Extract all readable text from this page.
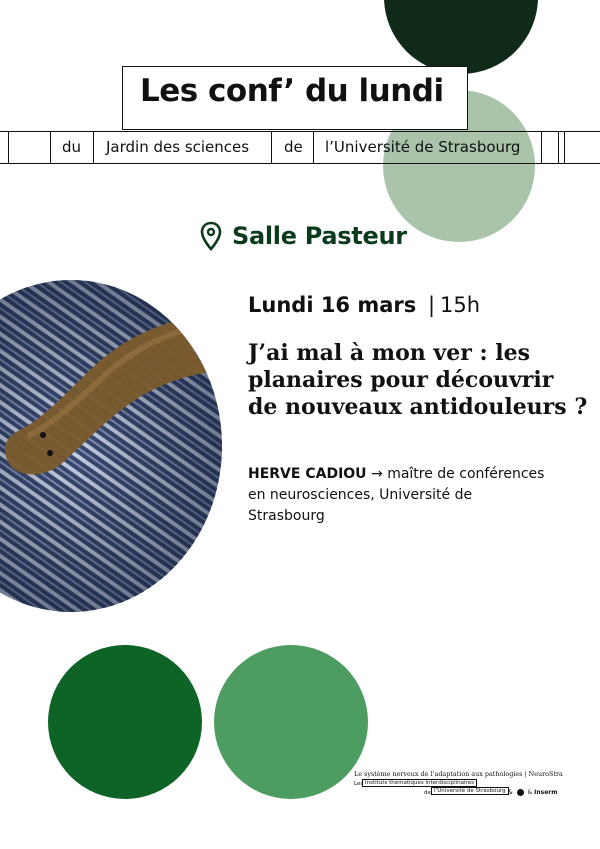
Les conf’ du lundi
du Jardin des sciences de l’Université de Strasbourg
Salle Pasteur
Lundi 16 mars | 15h
J’ai mal à mon ver : les planaires pour découvrir de nouveaux antidouleurs ?
HERVE CADIOU → maître de conférences en neurosciences, Université de Strasbourg
Le système nerveux de l’adaptation aux pathologies | NeuroStra
Les Instituts thématiques interdisciplinaires
de l’Université de Strasbourg & & Inserm
